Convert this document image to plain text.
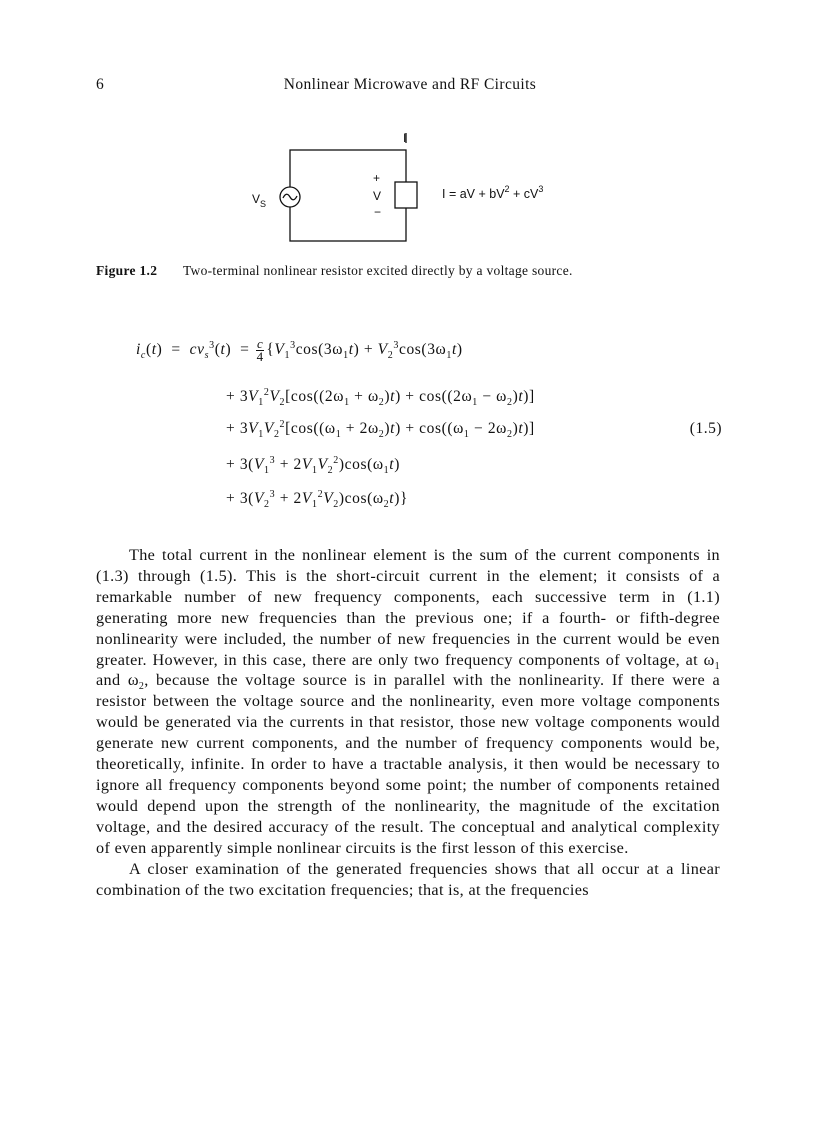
6	Nonlinear Microwave and RF Circuits
I
$V_S$
+
V
−
I = aV + $bV^2 + cV^3$
Figure 1.2 Two-terminal nonlinear resistor excited directly by a voltage source.
$i_c(t) = cv_s^3(t) = \frac{c}{4} \{V_1^3\cos(3\omega_1t) + V_2^3\cos(3\omega_1t)$
+ $3V_1^2V_2[\cos((2\omega_1 + \omega_2)t) + \cos((2\omega_1 - \omega_2)t)]$
+ $3V_1V_2^2[\cos((\omega_1 + 2\omega_2)t) + \cos((\omega_1 - 2\omega_2)t)]$
+ $3(V_1^3 + 2V_1V_2^2)\cos(\omega_1t)$
+ $3(V_2^3 + 2V_1^2V_2)\cos(\omega_2t)$}
(1.5)

The total current in the nonlinear element is the sum of the current components in (1.3) through (1.5). This is the short-circuit current in the element; it consists of a remarkable number of new frequency components, each successive term in (1.1) generating more new frequencies than the previous one; if a fourth- or fifth-degree nonlinearity were included, the number of new frequencies in the current would be even greater. However, in this case, there are only two frequency components of voltage, at $\omega_1$ and $\omega_2$, because the voltage source is in parallel with the nonlinearity. If there were a resistor between the voltage source and the nonlinearity, even more voltage components would be generated via the currents in that resistor, those new voltage components would generate new current components, and the number of frequency components would be, theoretically, infinite. In order to have a tractable analysis, it then would be necessary to ignore all frequency components beyond some point; the number of components retained would depend upon the strength of the nonlinearity, the magnitude of the excitation voltage, and the desired accuracy of the result. The conceptual and analytical complexity of even apparently simple nonlinear circuits is the first lesson of this exercise.

A closer examination of the generated frequencies shows that all occur at a linear combination of the two excitation frequencies; that is, at the frequencies
